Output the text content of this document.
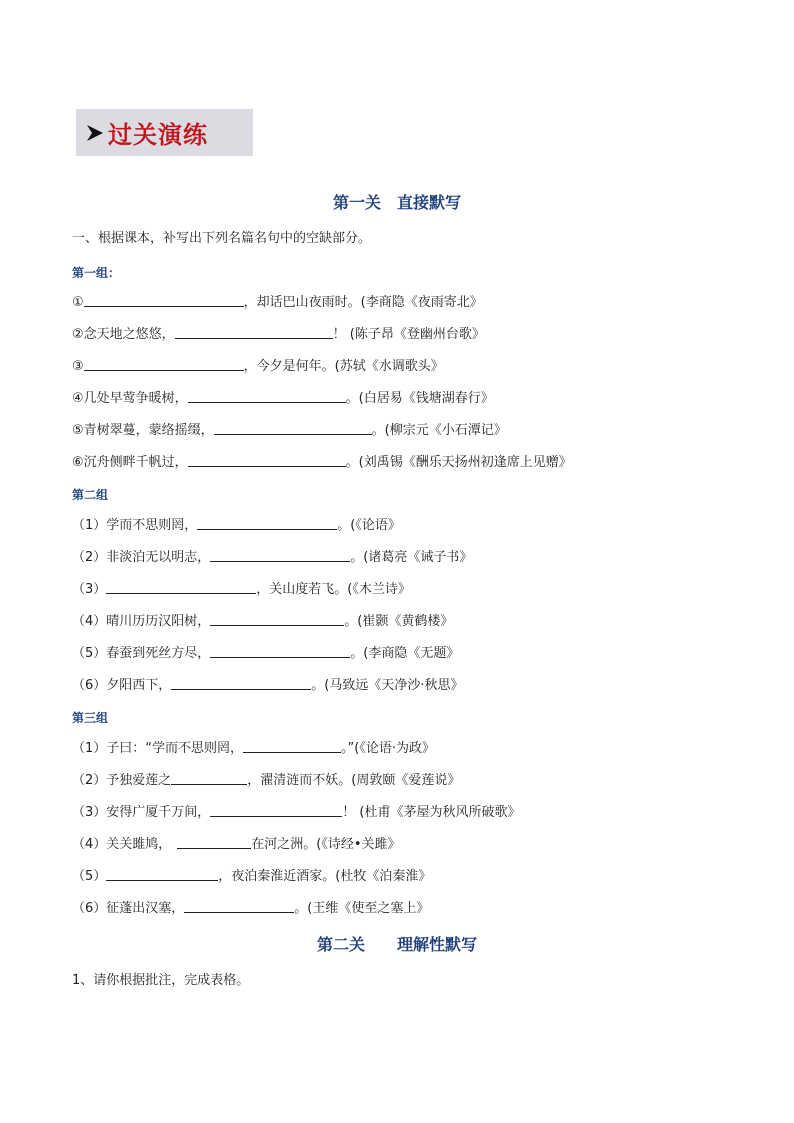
过关演练
第一关　直接默写
一、根据课本，补写出下列名篇名句中的空缺部分。
第一组：
①	，却话巴山夜雨时。(李商隐《夜雨寄北》
②念天地之悠悠，	！ (陈子昂《登幽州台歌》
③	，今夕是何年。(苏轼《水调歌头》
④几处早莺争暖树，	。(白居易《钱塘湖春行》
⑤青树翠蔓，蒙络摇缀，	。(柳宗元《小石潭记》
⑥沉舟侧畔千帆过，	。(刘禹锡《酬乐天扬州初逢席上见赠》
第二组
（1）学而不思则罔，	。(《论语》
（2）非淡泊无以明志，	。(诸葛亮《诫子书》
（3）	，关山度若飞。(《木兰诗》
（4）晴川历历汉阳树，	。(崔颢《黄鹤楼》
（5）春蚕到死丝方尽，	。(李商隐《无题》
（6）夕阳西下，	。(马致远《天净沙·秋思》
第三组
（1）子曰：“学而不思则罔，	。”(《论语·为政》
（2）予独爱莲之	，濯清涟而不妖。(周敦颐《爱莲说》
（3）安得广厦千万间，	！ (杜甫《茅屋为秋风所破歌》
（4）关关雎鸠，	在河之洲。(《诗经•关雎》
（5）	，夜泊秦淮近酒家。(杜牧《泊秦淮》
（6）征蓬出汉塞，	。(王维《使至之塞上》
第二关　　理解性默写
1、请你根据批注，完成表格。
